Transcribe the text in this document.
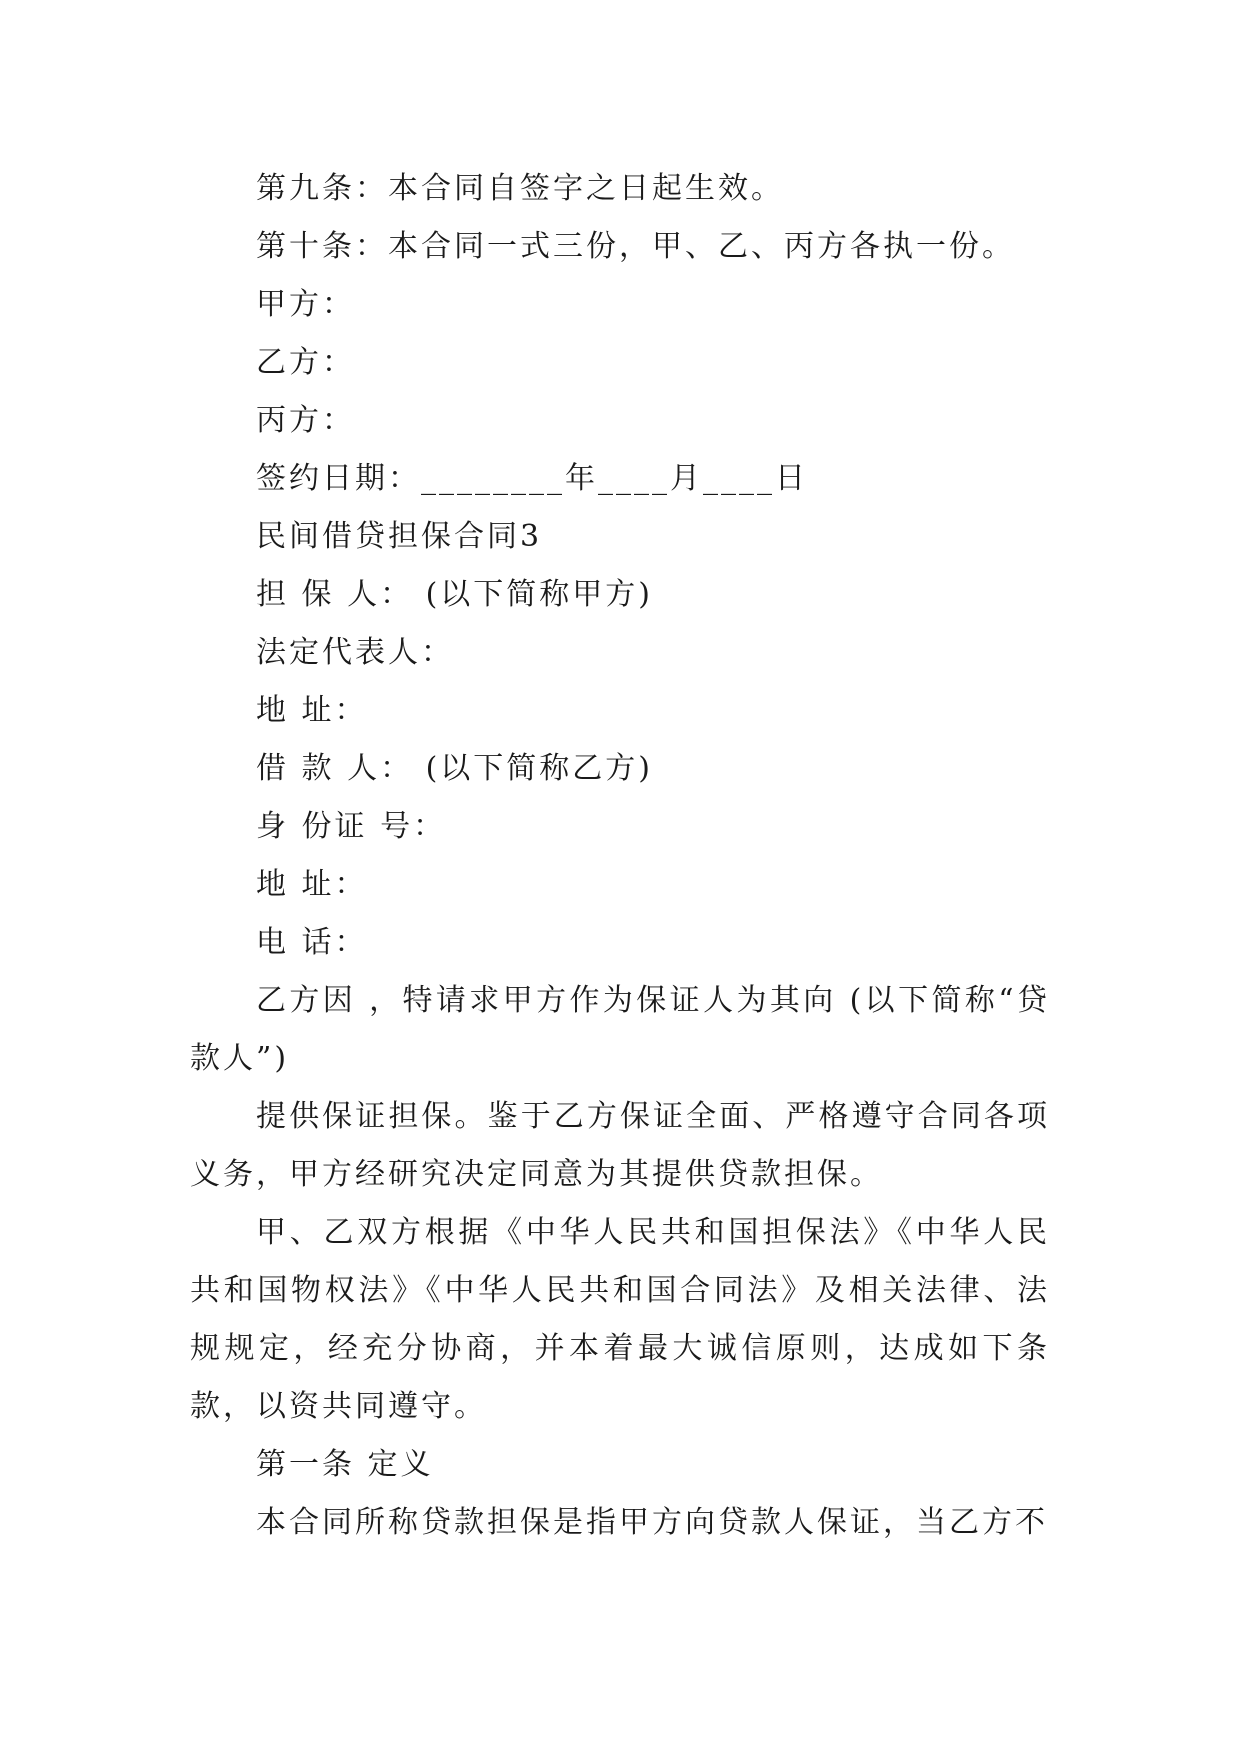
第九条：本合同自签字之日起生效。

第十条：本合同一式三份，甲、乙、丙方各执一份。

甲方：

乙方：

丙方：

签约日期：________年____月____日

民间借贷担保合同3

担 保 人： (以下简称甲方)

法定代表人：

地 址：

借 款 人： (以下简称乙方)

身 份证 号：

地 址：

电 话：

乙方因 ，特请求甲方作为保证人为其向 (以下简称“贷款人”)

提供保证担保。鉴于乙方保证全面、严格遵守合同各项义务，甲方经研究决定同意为其提供贷款担保。

甲、乙双方根据《中华人民共和国担保法》《中华人民共和国物权法》《中华人民共和国合同法》及相关法律、法规规定，经充分协商，并本着最大诚信原则，达成如下条款，以资共同遵守。

第一条 定义

本合同所称贷款担保是指甲方向贷款人保证，当乙方不
